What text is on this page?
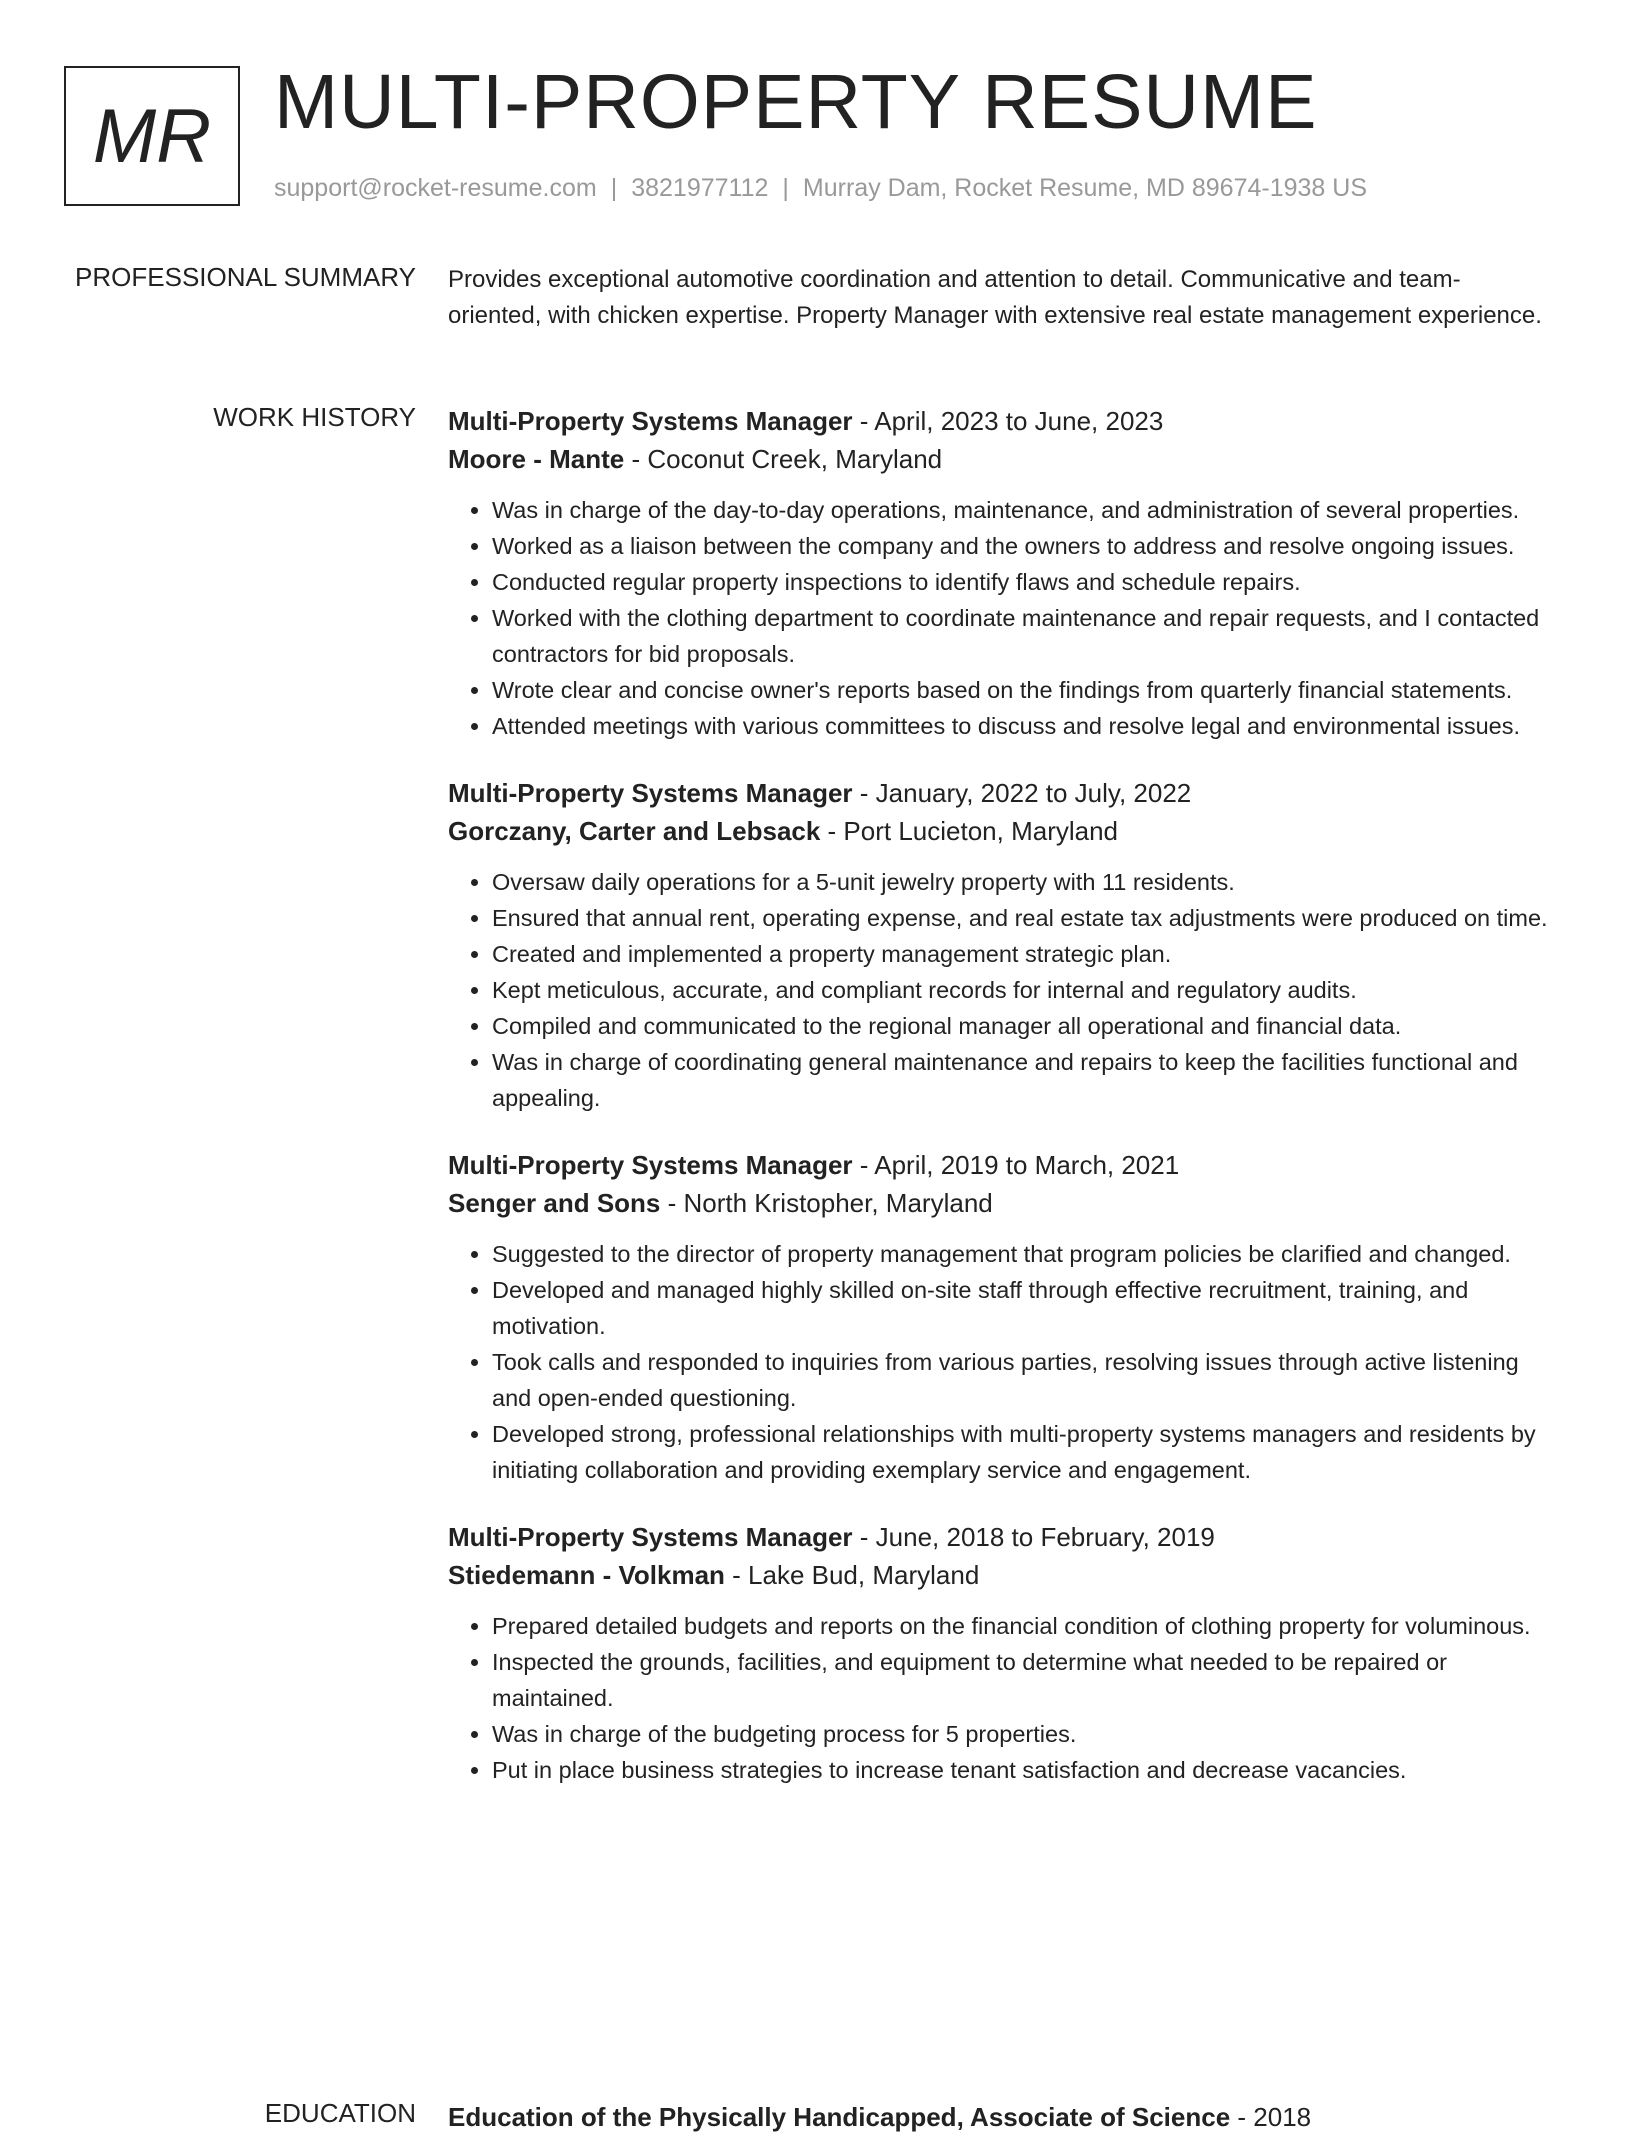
MR MULTI-PROPERTY RESUME
support@rocket-resume.com | 3821977112 | Murray Dam, Rocket Resume, MD 89674-1938 US
PROFESSIONAL SUMMARY Provides exceptional automotive coordination and attention to detail. Communicative and team-oriented, with chicken expertise. Property Manager with extensive real estate management experience.

WORK HISTORY Multi-Property Systems Manager - April, 2023 to June, 2023
Moore - Mante - Coconut Creek, Maryland
• Was in charge of the day-to-day operations, maintenance, and administration of several properties.
• Worked as a liaison between the company and the owners to address and resolve ongoing issues.
• Conducted regular property inspections to identify flaws and schedule repairs.
• Worked with the clothing department to coordinate maintenance and repair requests, and I contacted contractors for bid proposals.
• Wrote clear and concise owner's reports based on the findings from quarterly financial statements.
• Attended meetings with various committees to discuss and resolve legal and environmental issues.
Multi-Property Systems Manager - January, 2022 to July, 2022
Gorczany, Carter and Lebsack - Port Lucieton, Maryland
• Oversaw daily operations for a 5-unit jewelry property with 11 residents.
• Ensured that annual rent, operating expense, and real estate tax adjustments were produced on time.
• Created and implemented a property management strategic plan.
• Kept meticulous, accurate, and compliant records for internal and regulatory audits.
• Compiled and communicated to the regional manager all operational and financial data.
• Was in charge of coordinating general maintenance and repairs to keep the facilities functional and appealing.
Multi-Property Systems Manager - April, 2019 to March, 2021
Senger and Sons - North Kristopher, Maryland
• Suggested to the director of property management that program policies be clarified and changed.
• Developed and managed highly skilled on-site staff through effective recruitment, training, and motivation.
• Took calls and responded to inquiries from various parties, resolving issues through active listening and open-ended questioning.
• Developed strong, professional relationships with multi-property systems managers and residents by initiating collaboration and providing exemplary service and engagement.
Multi-Property Systems Manager - June, 2018 to February, 2019
Stiedemann - Volkman - Lake Bud, Maryland
• Prepared detailed budgets and reports on the financial condition of clothing property for voluminous.
• Inspected the grounds, facilities, and equipment to determine what needed to be repaired or maintained.
• Was in charge of the budgeting process for 5 properties.
• Put in place business strategies to increase tenant satisfaction and decrease vacancies.
EDUCATION Education of the Physically Handicapped, Associate of Science - 2018
